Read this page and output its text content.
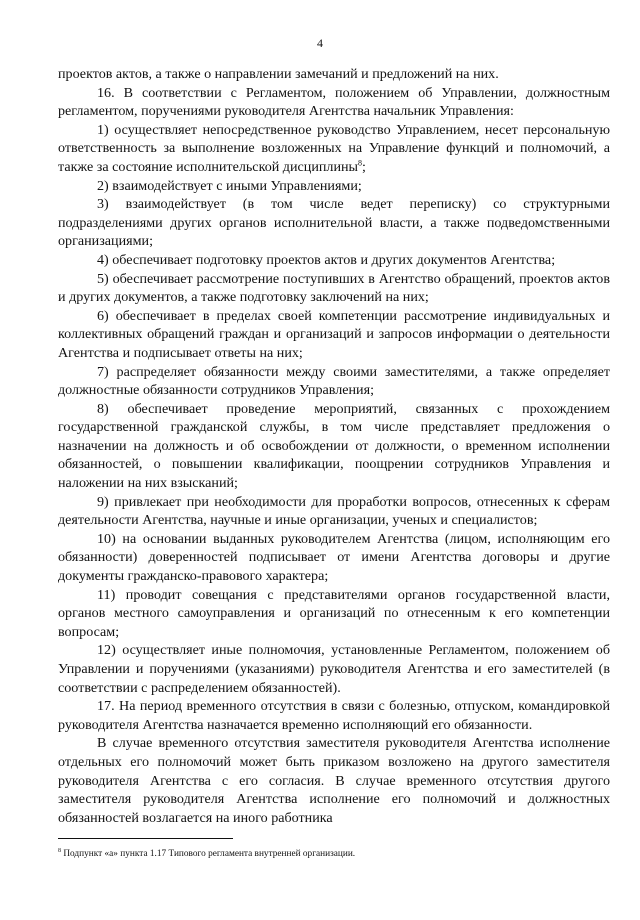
4

проектов актов, а также о направлении замечаний и предложений на них.

16. В соответствии с Регламентом, положением об Управлении, должностным регламентом, поручениями руководителя Агентства начальник Управления:

1) осуществляет непосредственное руководство Управлением, несет персональную ответственность за выполнение возложенных на Управление функций и полномочий, а также за состояние исполнительской дисциплины$^8$;

2) взаимодействует с иными Управлениями;

3) взаимодействует (в том числе ведет переписку) со структурными подразделениями других органов исполнительной власти, а также подведомственными организациями;

4) обеспечивает подготовку проектов актов и других документов Агентства;

5) обеспечивает рассмотрение поступивших в Агентство обращений, проектов актов и других документов, а также подготовку заключений на них;

6) обеспечивает в пределах своей компетенции рассмотрение индивидуальных и коллективных обращений граждан и организаций и запросов информации о деятельности Агентства и подписывает ответы на них;

7) распределяет обязанности между своими заместителями, а также определяет должностные обязанности сотрудников Управления;

8) обеспечивает проведение мероприятий, связанных с прохождением государственной гражданской службы, в том числе представляет предложения о назначении на должность и об освобождении от должности, о временном исполнении обязанностей, о повышении квалификации, поощрении сотрудников Управления и наложении на них взысканий;

9) привлекает при необходимости для проработки вопросов, отнесенных к сферам деятельности Агентства, научные и иные организации, ученых и специалистов;

10) на основании выданных руководителем Агентства (лицом, исполняющим его обязанности) доверенностей подписывает от имени Агентства договоры и другие документы гражданско-правового характера;

11) проводит совещания с представителями органов государственной власти, органов местного самоуправления и организаций по отнесенным к его компетенции вопросам;

12) осуществляет иные полномочия, установленные Регламентом, положением об Управлении и поручениями (указаниями) руководителя Агентства и его заместителей (в соответствии с распределением обязанностей).

17. На период временного отсутствия в связи с болезнью, отпуском, командировкой руководителя Агентства назначается временно исполняющий его обязанности.

В случае временного отсутствия заместителя руководителя Агентства исполнение отдельных его полномочий может быть приказом возложено на другого заместителя руководителя Агентства с его согласия. В случае временного отсутствия другого заместителя руководителя Агентства исполнение его полномочий и должностных обязанностей возлагается на иного работника

$^8$ Подпункт «а» пункта 1.17 Типового регламента внутренней организации.
